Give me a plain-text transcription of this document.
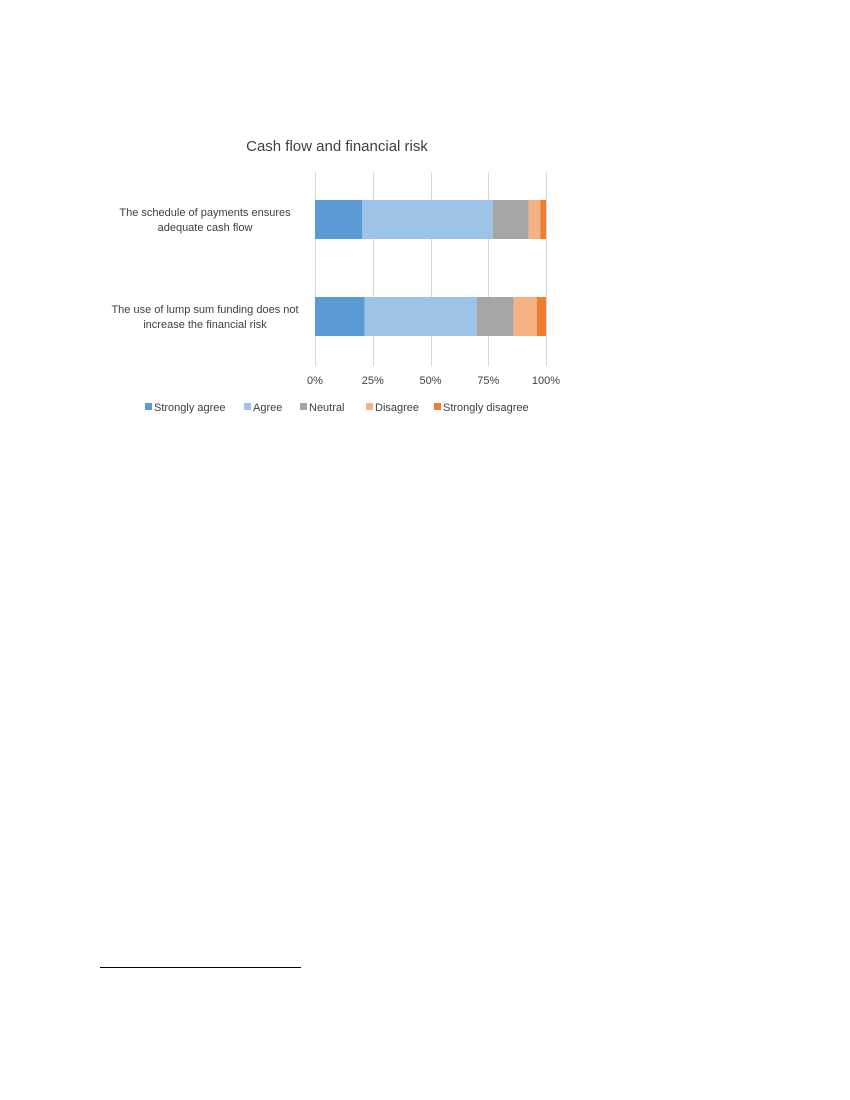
Cash flow and financial risk
The schedule of payments ensures
adequate cash flow
The use of lump sum funding does not
increase the financial risk
0%	25%	50%	75%	100%
Strongly agree Agree Neutral	Disagree Strongly disagree
